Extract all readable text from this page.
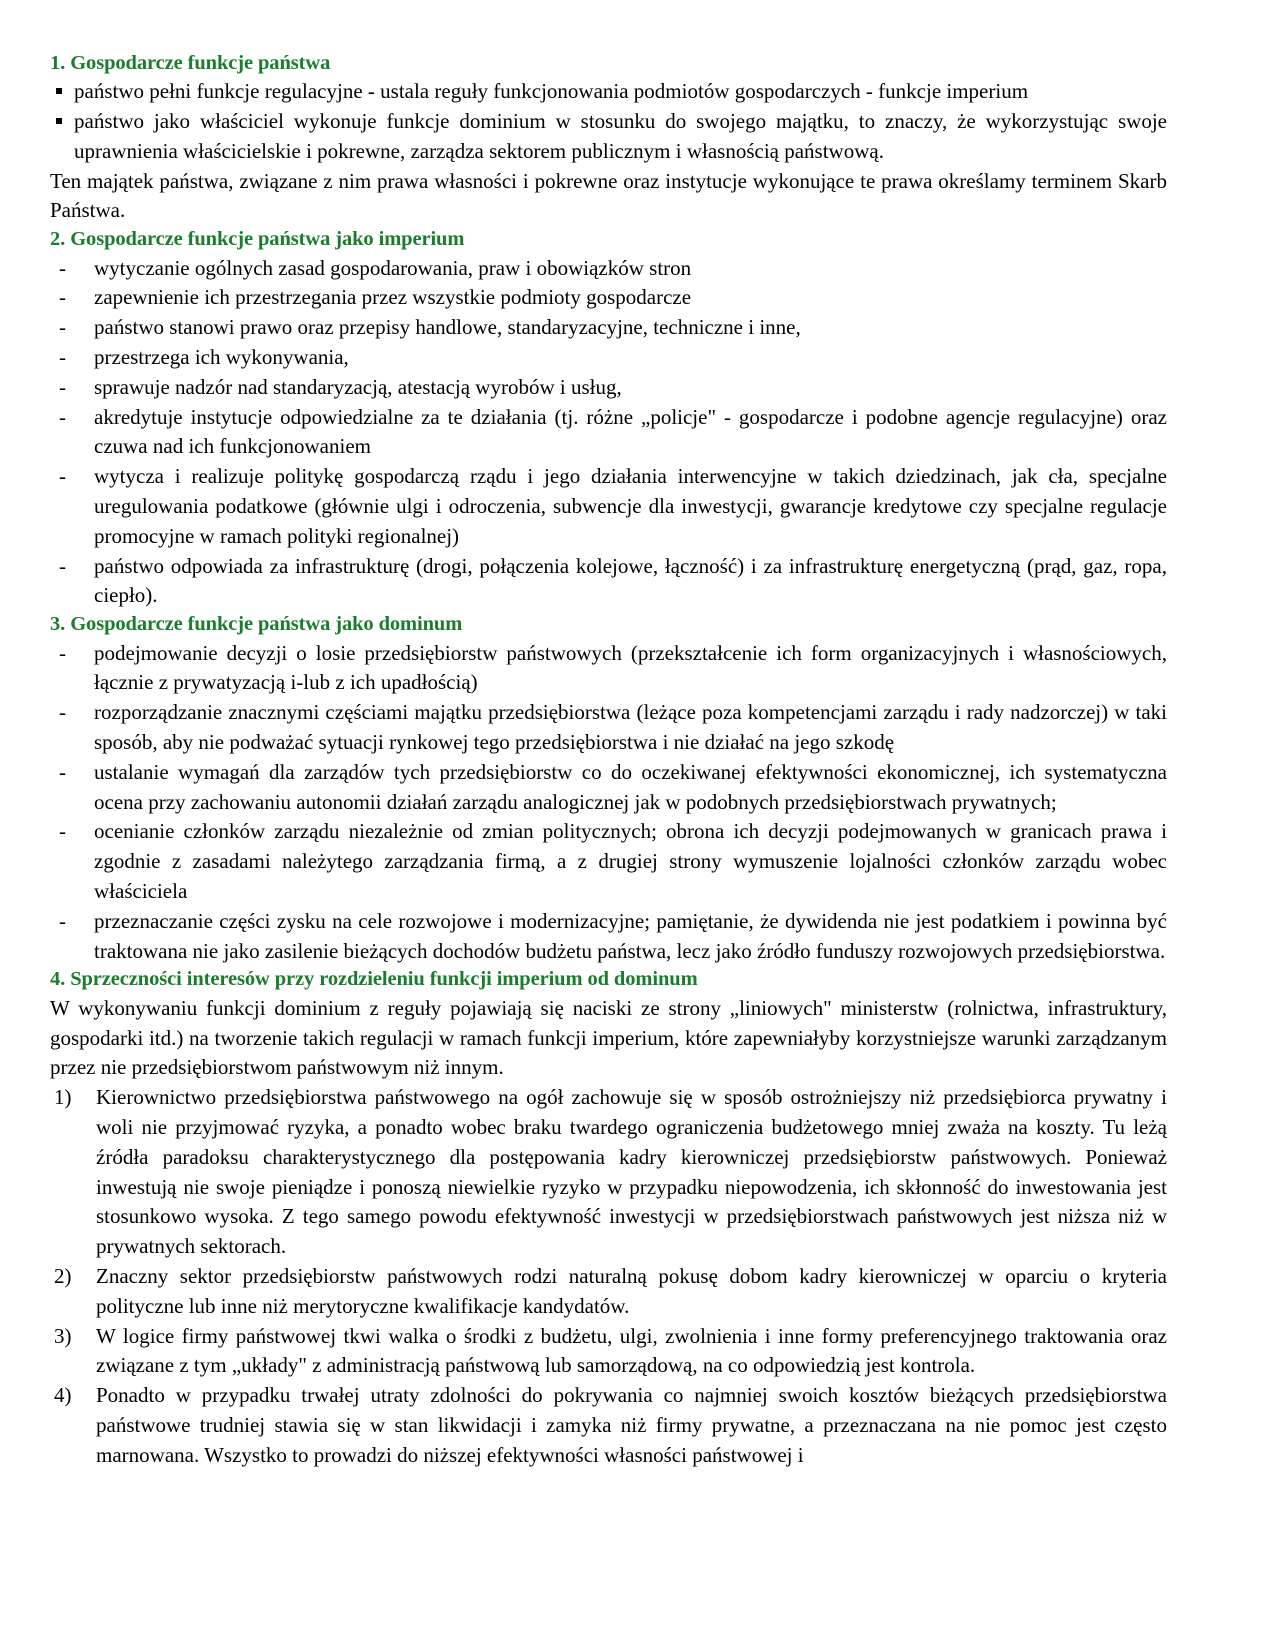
1. Gospodarcze funkcje państwa
państwo pełni funkcje regulacyjne - ustala reguły funkcjonowania podmiotów gospodarczych - funkcje imperium
państwo jako właściciel wykonuje funkcje dominium w stosunku do swojego majątku, to znaczy, że wykorzystując swoje uprawnienia właścicielskie i pokrewne, zarządza sektorem publicznym i własnością państwową.

Ten majątek państwa, związane z nim prawa własności i pokrewne oraz instytucje wykonujące te prawa określamy terminem Skarb Państwa.

2. Gospodarcze funkcje państwa jako imperium
-	wytyczanie ogólnych zasad gospodarowania, praw i obowiązków stron
-	zapewnienie ich przestrzegania przez wszystkie podmioty gospodarcze
-	państwo stanowi prawo oraz przepisy handlowe, standaryzacyjne, techniczne i inne,
-	przestrzega ich wykonywania,
-	sprawuje nadzór nad standaryzacją, atestacją wyrobów i usług,
-	akredytuje instytucje odpowiedzialne za te działania (tj. różne „policje" - gospodarcze i podobne agencje regulacyjne) oraz czuwa nad ich funkcjonowaniem
-	wytycza i realizuje politykę gospodarczą rządu i jego działania interwencyjne w takich dziedzinach, jak cła, specjalne uregulowania podatkowe (głównie ulgi i odroczenia, subwencje dla inwestycji, gwarancje kredytowe czy specjalne regulacje promocyjne w ramach polityki regionalnej)
-	państwo odpowiada za infrastrukturę (drogi, połączenia kolejowe, łączność) i za infrastrukturę energetyczną (prąd, gaz, ropa, ciepło).
3. Gospodarcze funkcje państwa jako dominum
-	podejmowanie decyzji o losie przedsiębiorstw państwowych (przekształcenie ich form organizacyjnych i własnościowych, łącznie z prywatyzacją i-lub z ich upadłością)
-	rozporządzanie znacznymi częściami majątku przedsiębiorstwa (leżące poza kompetencjami zarządu i rady nadzorczej) w taki sposób, aby nie podważać sytuacji rynkowej tego przedsiębiorstwa i nie działać na jego szkodę
-	ustalanie wymagań dla zarządów tych przedsiębiorstw co do oczekiwanej efektywności ekonomicznej, ich systematyczna ocena przy zachowaniu autonomii działań zarządu analogicznej jak w podobnych przedsiębiorstwach prywatnych;
-	ocenianie członków zarządu niezależnie od zmian politycznych; obrona ich decyzji podejmowanych w granicach prawa i zgodnie z zasadami należytego zarządzania firmą, a z drugiej strony wymuszenie lojalności członków zarządu wobec właściciela
-	przeznaczanie części zysku na cele rozwojowe i modernizacyjne; pamiętanie, że dywidenda nie jest podatkiem i powinna być traktowana nie jako zasilenie bieżących dochodów budżetu państwa, lecz jako źródło funduszy rozwojowych przedsiębiorstwa.
4. Sprzeczności interesów przy rozdzieleniu funkcji imperium od dominum

W wykonywaniu funkcji dominium z reguły pojawiają się naciski ze strony „liniowych" ministerstw (rolnictwa, infrastruktury, gospodarki itd.) na tworzenie takich regulacji w ramach funkcji imperium, które zapewniałyby korzystniejsze warunki zarządzanym przez nie przedsiębiorstwom państwowym niż innym.

1)	Kierownictwo przedsiębiorstwa państwowego na ogół zachowuje się w sposób ostrożniejszy niż przedsiębiorca prywatny i woli nie przyjmować ryzyka, a ponadto wobec braku twardego ograniczenia budżetowego mniej zważa na koszty. Tu leżą źródła paradoksu charakterystycznego dla postępowania kadry kierowniczej przedsiębiorstw państwowych. Ponieważ inwestują nie swoje pieniądze i ponoszą niewielkie ryzyko w przypadku niepowodzenia, ich skłonność do inwestowania jest stosunkowo wysoka. Z tego samego powodu efektywność inwestycji w przedsiębiorstwach państwowych jest niższa niż w prywatnych sektorach.
2)	Znaczny sektor przedsiębiorstw państwowych rodzi naturalną pokusę dobom kadry kierowniczej w oparciu o kryteria polityczne lub inne niż merytoryczne kwalifikacje kandydatów.
3)	W logice firmy państwowej tkwi walka o środki z budżetu, ulgi, zwolnienia i inne formy preferencyjnego traktowania oraz związane z tym „układy" z administracją państwową lub samorządową, na co odpowiedzią jest kontrola.
4)	Ponadto w przypadku trwałej utraty zdolności do pokrywania co najmniej swoich kosztów bieżących przedsiębiorstwa państwowe trudniej stawia się w stan likwidacji i zamyka niż firmy prywatne, a przeznaczana na nie pomoc jest często marnowana. Wszystko to prowadzi do niższej efektywności własności państwowej i
